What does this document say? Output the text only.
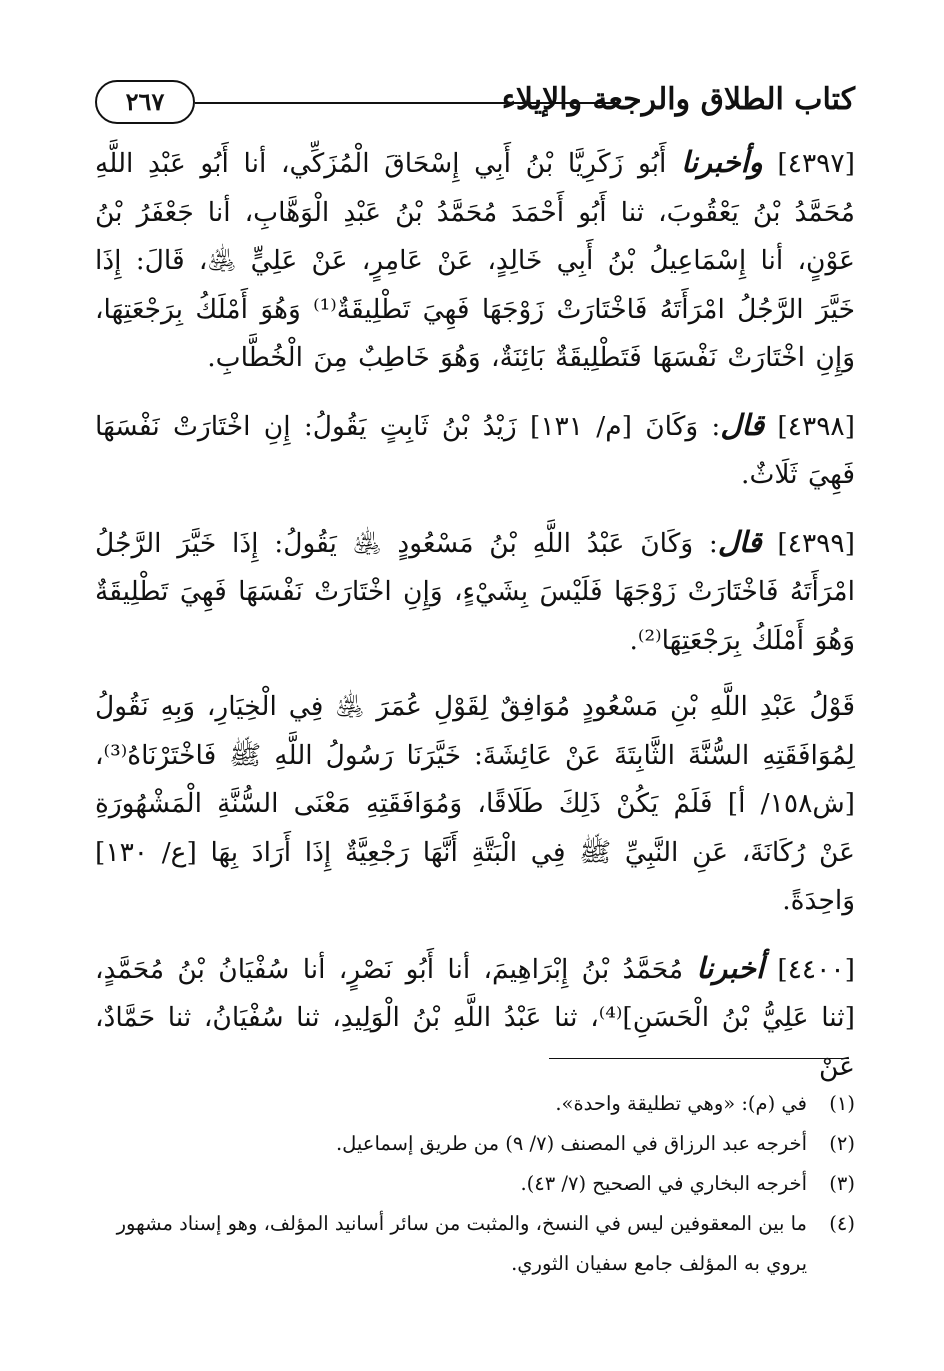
كتاب الطلاق والرجعة والإيلاء
٢٦٧

[٤٣٩٧] وأخبرنا أَبُو زَكَرِيَّا بْنُ أَبِي إِسْحَاقَ الْمُزَكِّي، أنا أَبُو عَبْدِ اللَّهِ مُحَمَّدُ بْنُ يَعْقُوبَ، ثنا أَبُو أَحْمَدَ مُحَمَّدُ بْنُ عَبْدِ الْوَهَّابِ، أنا جَعْفَرُ بْنُ عَوْنٍ، أنا إِسْمَاعِيلُ بْنُ أَبِي خَالِدٍ، عَنْ عَامِرٍ، عَنْ عَلِيٍّ ﵁، قَالَ: إِذَا خَيَّرَ الرَّجُلُ امْرَأَتَهُ فَاخْتَارَتْ زَوْجَهَا فَهِيَ تَطْلِيقَةٌ⁽¹⁾ وَهُوَ أَمْلَكُ بِرَجْعَتِهَا، وَإِنِ اخْتَارَتْ نَفْسَهَا فَتَطْلِيقَةٌ بَائِنَةٌ، وَهُوَ خَاطِبٌ مِنَ الْخُطَّابِ.

[٤٣٩٨] قال: وَكَانَ [م/ ١٣١] زَيْدُ بْنُ ثَابِتٍ يَقُولُ: إِنِ اخْتَارَتْ نَفْسَهَا فَهِيَ ثَلَاثٌ.

[٤٣٩٩] قال: وَكَانَ عَبْدُ اللَّهِ بْنُ مَسْعُودٍ ﵁ يَقُولُ: إِذَا خَيَّرَ الرَّجُلُ امْرَأَتَهُ فَاخْتَارَتْ زَوْجَهَا فَلَيْسَ بِشَيْءٍ، وَإِنِ اخْتَارَتْ نَفْسَهَا فَهِيَ تَطْلِيقَةٌ وَهُوَ أَمْلَكُ بِرَجْعَتِهَا⁽²⁾.

قَوْلُ عَبْدِ اللَّهِ بْنِ مَسْعُودٍ مُوَافِقٌ لِقَوْلِ عُمَرَ ﵁ فِي الْخِيَارِ، وَبِهِ نَقُولُ لِمُوَافَقَتِهِ السُّنَّةَ الثَّابِتَةَ عَنْ عَائِشَةَ: خَيَّرَنَا رَسُولُ اللَّهِ ﷺ فَاخْتَرْنَاهُ⁽³⁾، [ش١٥٨/ أ] فَلَمْ يَكُنْ ذَلِكَ طَلَاقًا، وَمُوَافَقَتِهِ مَعْنَى السُّنَّةِ الْمَشْهُورَةِ عَنْ رُكَانَةَ، عَنِ النَّبِيِّ ﷺ فِي الْبَتَّةِ أَنَّهَا رَجْعِيَّةٌ إِذَا أَرَادَ بِهَا [ع/ ١٣٠] وَاحِدَةً.

[٤٤٠٠] أخبرنا مُحَمَّدُ بْنُ إِبْرَاهِيمَ، أنا أَبُو نَصْرٍ، أنا سُفْيَانُ بْنُ مُحَمَّدٍ، [ثنا عَلِيُّ بْنُ الْحَسَنِ]⁽⁴⁾، ثنا عَبْدُ اللَّهِ بْنُ الْوَلِيدِ، ثنا سُفْيَانُ، ثنا حَمَّادٌ، عَنْ

(١)
في (م): «وهي تطليقة واحدة».
(٢)
أخرجه عبد الرزاق في المصنف (٧/ ٩) من طريق إسماعيل.
(٣)
أخرجه البخاري في الصحيح (٧/ ٤٣).
(٤)
ما بين المعقوفين ليس في النسخ، والمثبت من سائر أسانيد المؤلف، وهو إسناد مشهور يروي به المؤلف جامع سفيان الثوري.
